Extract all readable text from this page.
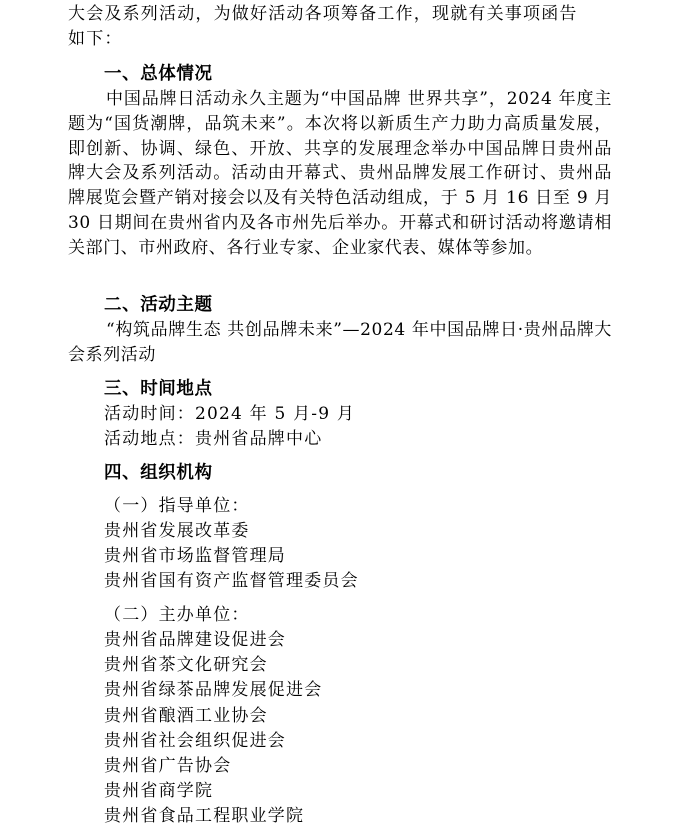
大会及系列活动，为做好活动各项筹备工作，现就有关事项函告
如下：
一、总体情况
中国品牌日活动永久主题为“中国品牌 世界共享”，2024 年度主题为“国货潮牌，品筑未来”。本次将以新质生产力助力高质量发展，即创新、协调、绿色、开放、共享的发展理念举办中国品牌日贵州品牌大会及系列活动。活动由开幕式、贵州品牌发展工作研讨、贵州品牌展览会暨产销对接会以及有关特色活动组成，于 5 月 16 日至 9 月 30 日期间在贵州省内及各市州先后举办。开幕式和研讨活动将邀请相关部门、市州政府、各行业专家、企业家代表、媒体等参加。
二、活动主题
“构筑品牌生态 共创品牌未来”—2024 年中国品牌日·贵州品牌大会系列活动
三、时间地点
活动时间：2024 年 5 月-9 月
活动地点：贵州省品牌中心
四、组织机构
（一）指导单位：
贵州省发展改革委
贵州省市场监督管理局
贵州省国有资产监督管理委员会
（二）主办单位：
贵州省品牌建设促进会
贵州省茶文化研究会
贵州省绿茶品牌发展促进会
贵州省酿酒工业协会
贵州省社会组织促进会
贵州省广告协会
贵州省商学院
贵州省食品工程职业学院
